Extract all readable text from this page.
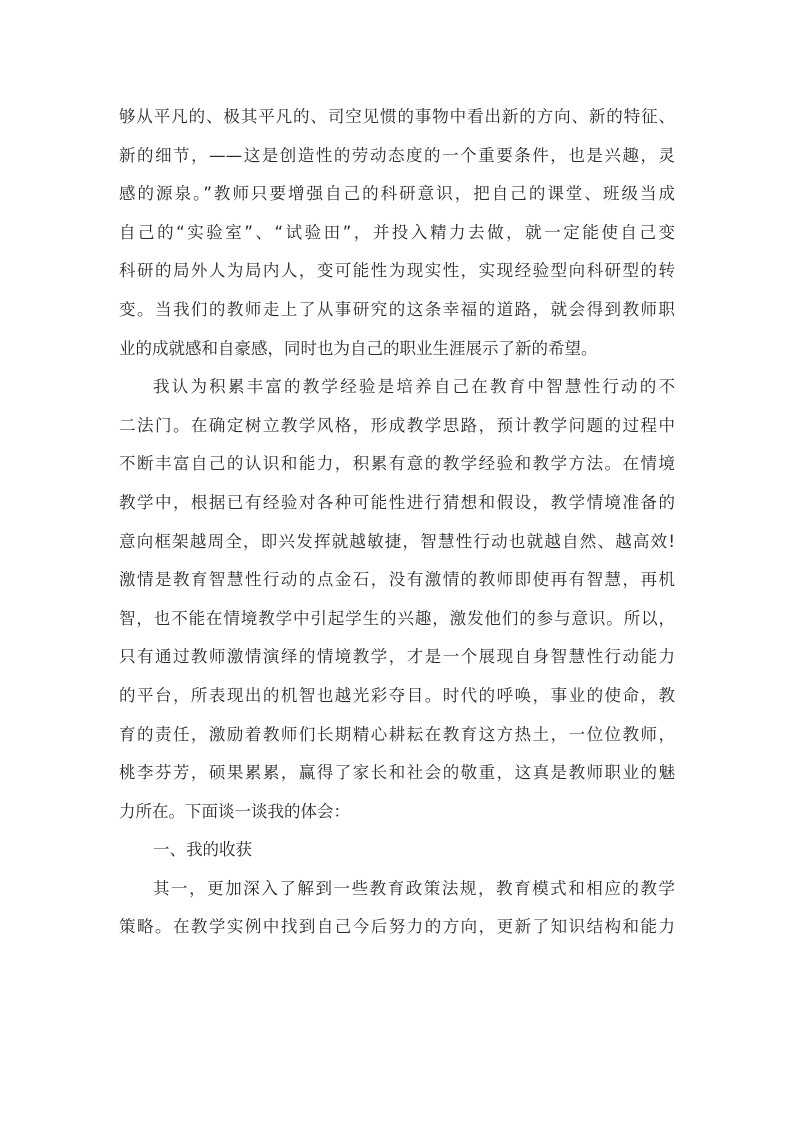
够从平凡的、极其平凡的、司空见惯的事物中看出新的方向、新的特征、
新的细节，——这是创造性的劳动态度的一个重要条件，也是兴趣，灵
感的源泉。”教师只要增强自己的科研意识，把自己的课堂、班级当成
自己的“实验室”、“试验田”，并投入精力去做，就一定能使自己变
科研的局外人为局内人，变可能性为现实性，实现经验型向科研型的转
变。当我们的教师走上了从事研究的这条幸福的道路，就会得到教师职
业的成就感和自豪感，同时也为自己的职业生涯展示了新的希望。
我认为积累丰富的教学经验是培养自己在教育中智慧性行动的不
二法门。在确定树立教学风格，形成教学思路，预计教学问题的过程中
不断丰富自己的认识和能力，积累有意的教学经验和教学方法。在情境
教学中，根据已有经验对各种可能性进行猜想和假设，教学情境准备的
意向框架越周全，即兴发挥就越敏捷，智慧性行动也就越自然、越高效!
激情是教育智慧性行动的点金石，没有激情的教师即使再有智慧，再机
智，也不能在情境教学中引起学生的兴趣，激发他们的参与意识。所以，
只有通过教师激情演绎的情境教学，才是一个展现自身智慧性行动能力
的平台，所表现出的机智也越光彩夺目。时代的呼唤，事业的使命，教
育的责任，激励着教师们长期精心耕耘在教育这方热土，一位位教师，
桃李芬芳，硕果累累，赢得了家长和社会的敬重，这真是教师职业的魅
力所在。下面谈一谈我的体会：
一、我的收获
其一，更加深入了解到一些教育政策法规，教育模式和相应的教学
策略。在教学实例中找到自己今后努力的方向，更新了知识结构和能力
